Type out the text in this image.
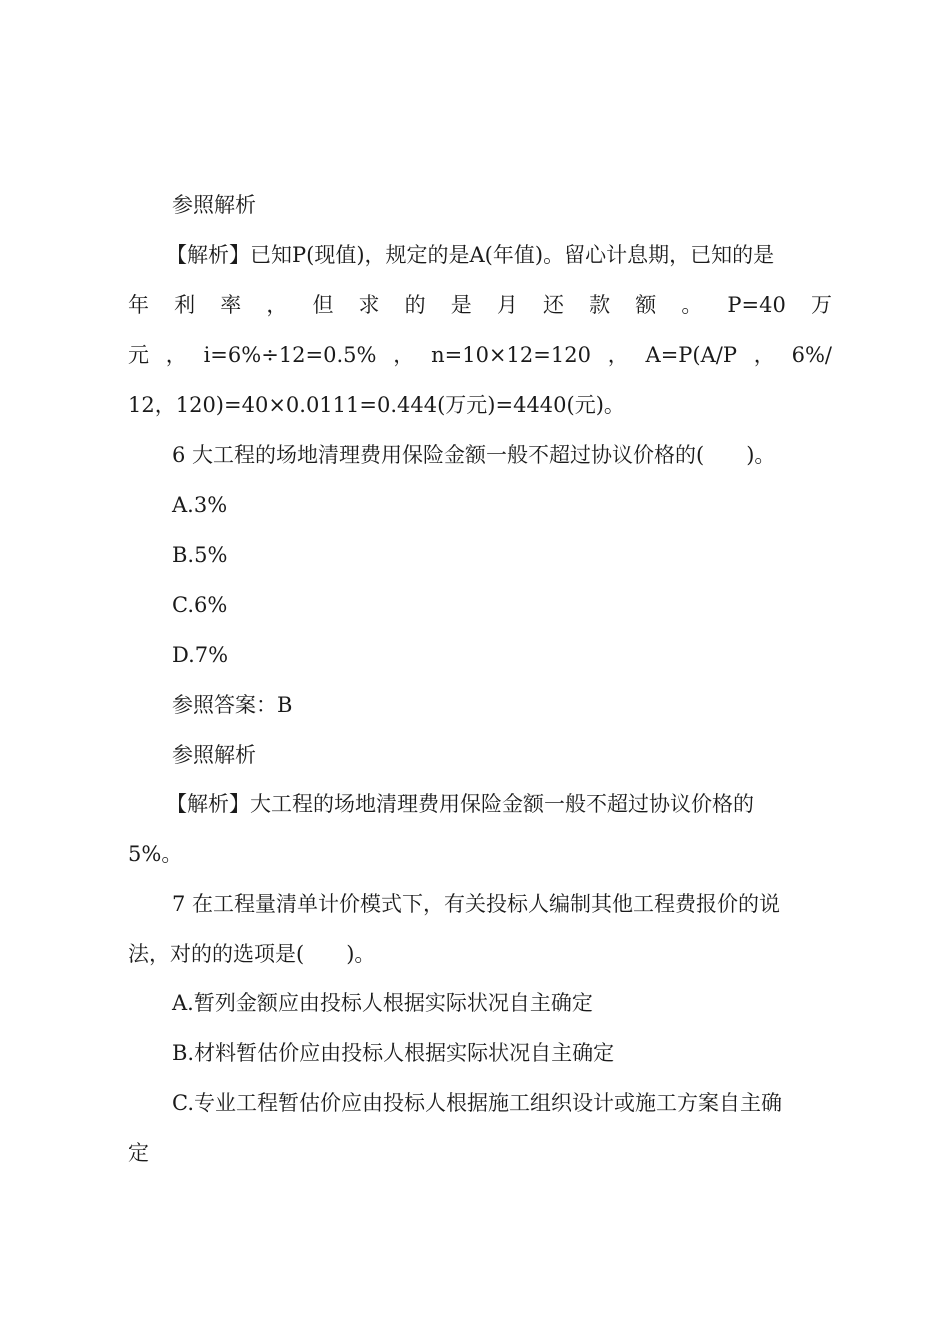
参照解析
【解析】已知P(现值)，规定的是A(年值)。留心计息期，已知的是
年 利 率 ， 但 求 的 是 月 还 款 额 。 P=40 万
元 ， i=6%÷12=0.5% ， n=10×12=120 ， A=P(A/P ， 6%/
12，120)=40×0.0111=0.444(万元)=4440(元)。
6 大工程的场地清理费用保险金额一般不超过协议价格的(　　)。
A.3%
B.5%
C.6%
D.7%
参照答案：B
参照解析
【解析】大工程的场地清理费用保险金额一般不超过协议价格的
5%。
7 在工程量清单计价模式下，有关投标人编制其他工程费报价的说
法，对的的选项是(　　)。
A.暂列金额应由投标人根据实际状况自主确定
B.材料暂估价应由投标人根据实际状况自主确定
C.专业工程暂估价应由投标人根据施工组织设计或施工方案自主确
定
